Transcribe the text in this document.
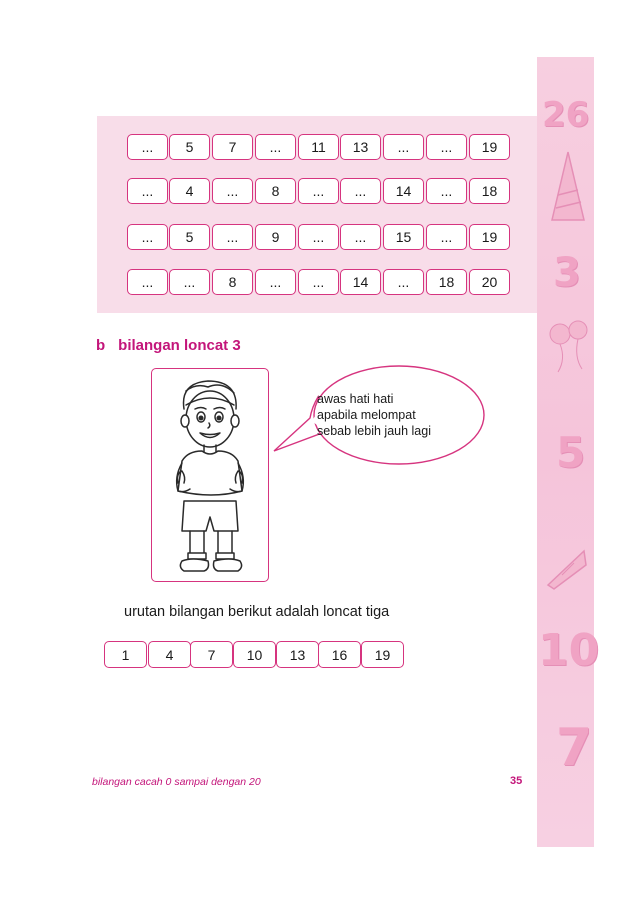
26
3
5
10
7
...	5	7	...	11	13	...	...	19
...	4	...	8	...	...	14	...	18
...	5	...	9	...	...	15	...	19
...	...	8	...	...	14	...	18	20
b bilangan loncat 3
awas hati hati
apabila melompat
sebab lebih jauh lagi
urutan bilangan berikut adalah loncat tiga
1	4	7	10	13	16	19
bilangan cacah 0 sampai dengan 20	35
